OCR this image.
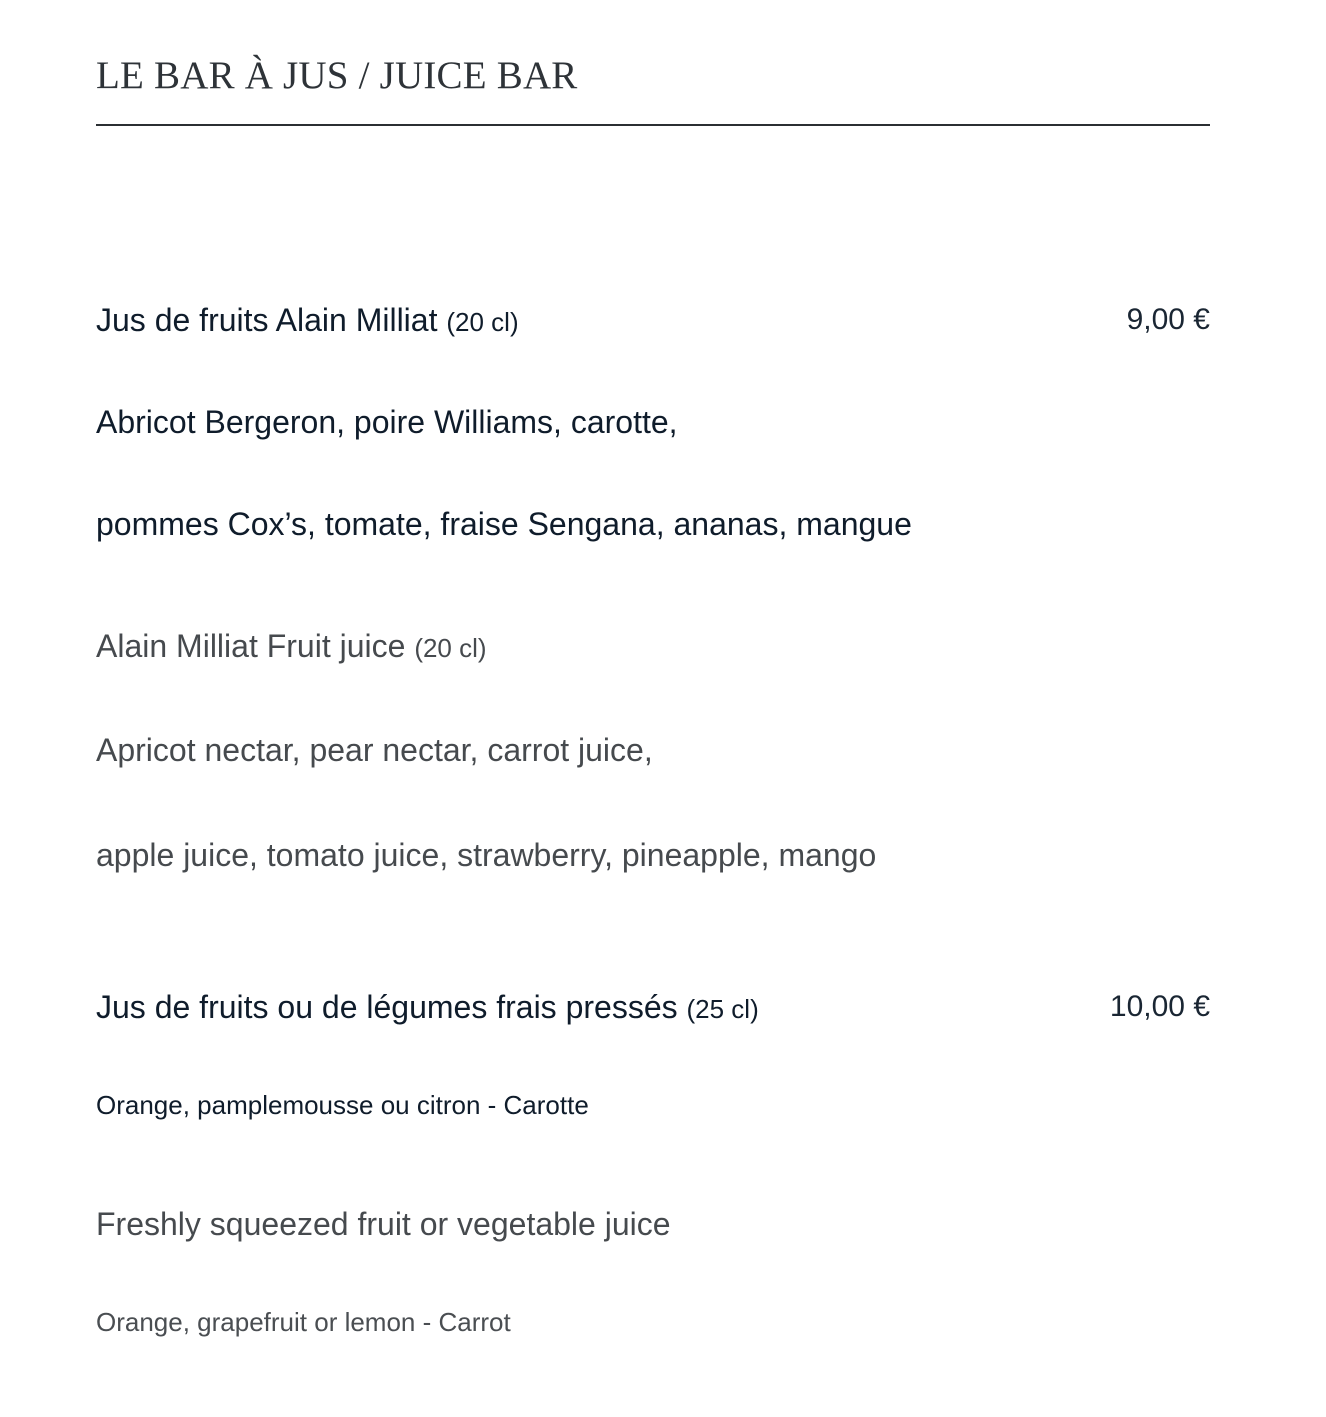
LE BAR À JUS / JUICE BAR
Jus de fruits Alain Milliat (20 cl)	9,00 €
Abricot Bergeron, poire Williams, carotte,
pommes Cox’s, tomate, fraise Sengana, ananas, mangue
Alain Milliat Fruit juice (20 cl)
Apricot nectar, pear nectar, carrot juice,
apple juice, tomato juice, strawberry, pineapple, mango
Jus de fruits ou de légumes frais pressés (25 cl)	10,00 €
Orange, pamplemousse ou citron - Carotte
Freshly squeezed fruit or vegetable juice
Orange, grapefruit or lemon - Carrot
